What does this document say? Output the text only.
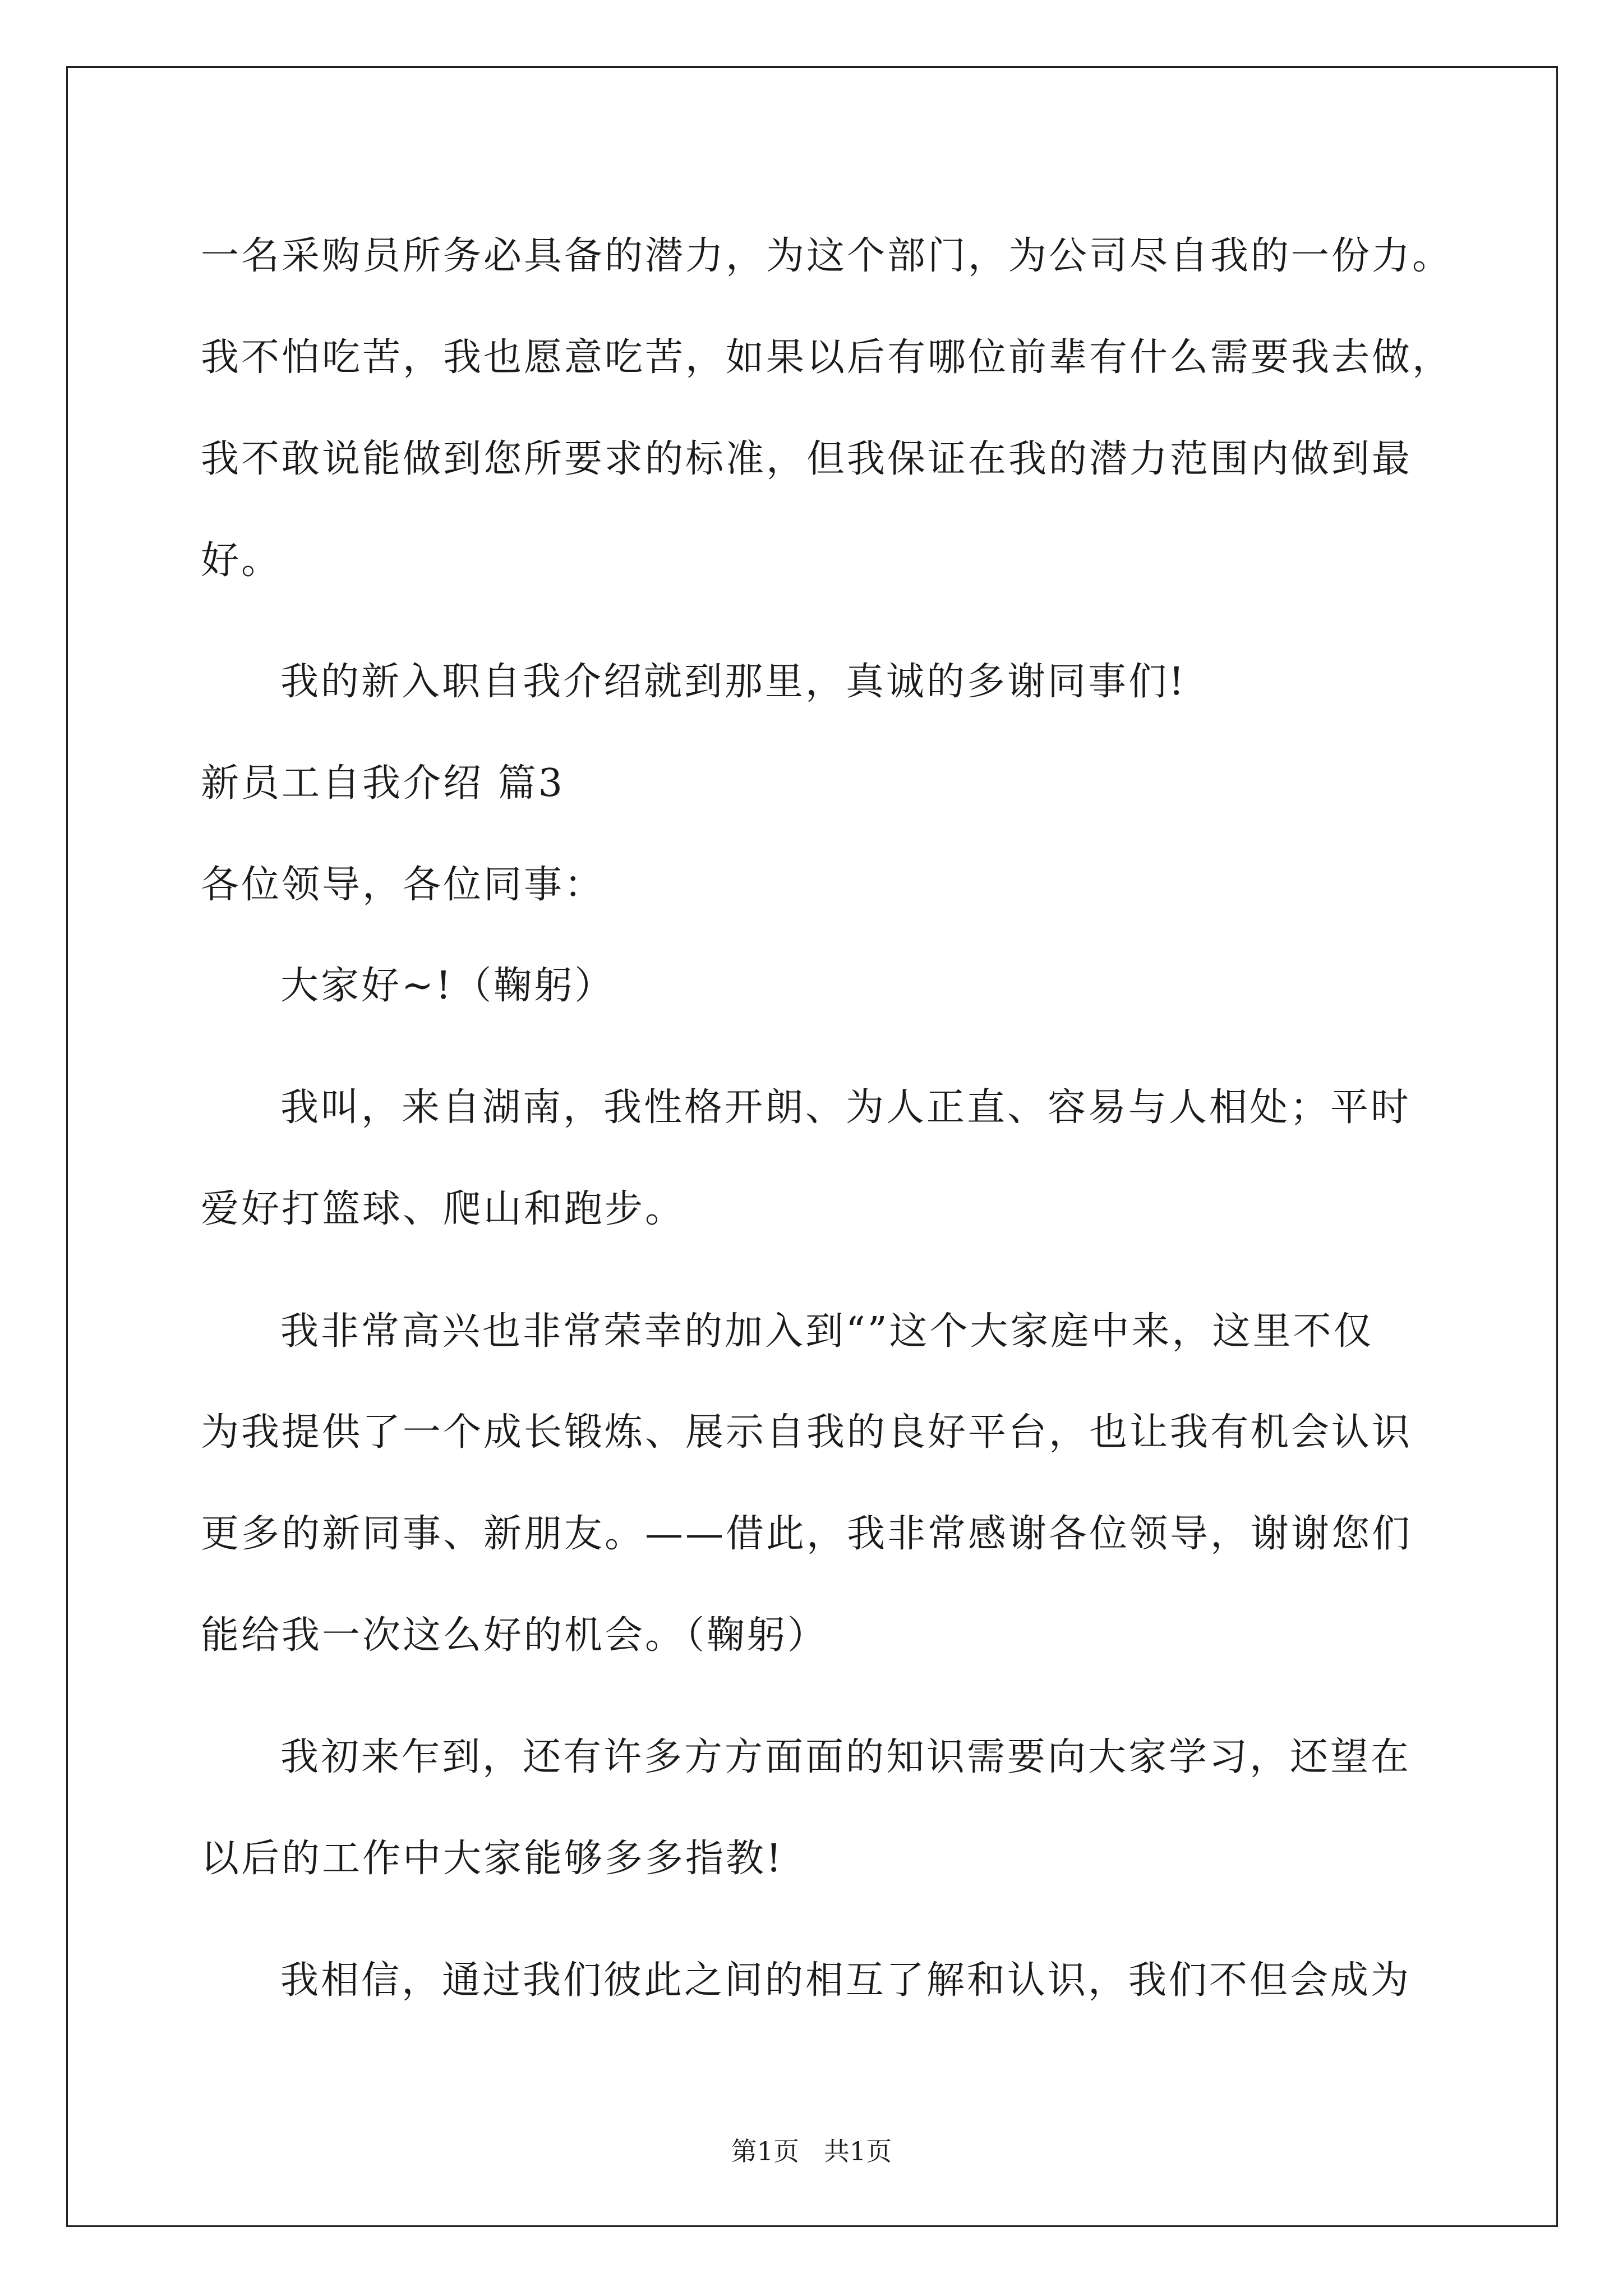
一名采购员所务必具备的潜力，为这个部门，为公司尽自我的一份力。
我不怕吃苦，我也愿意吃苦，如果以后有哪位前辈有什么需要我去做，
我不敢说能做到您所要求的标准，但我保证在我的潜力范围内做到最
好。
我的新入职自我介绍就到那里，真诚的多谢同事们!
新员工自我介绍 篇3
各位领导，各位同事：
大家好~!（鞠躬）
我叫，来自湖南，我性格开朗、为人正直、容易与人相处；平时
爱好打篮球、爬山和跑步。
我非常高兴也非常荣幸的加入到“”这个大家庭中来，这里不仅
为我提供了一个成长锻炼、展示自我的良好平台，也让我有机会认识
更多的新同事、新朋友。——借此，我非常感谢各位领导，谢谢您们
能给我一次这么好的机会。（鞠躬）
我初来乍到，还有许多方方面面的知识需要向大家学习，还望在
以后的工作中大家能够多多指教!
我相信，通过我们彼此之间的相互了解和认识，我们不但会成为
第1页   共1页
